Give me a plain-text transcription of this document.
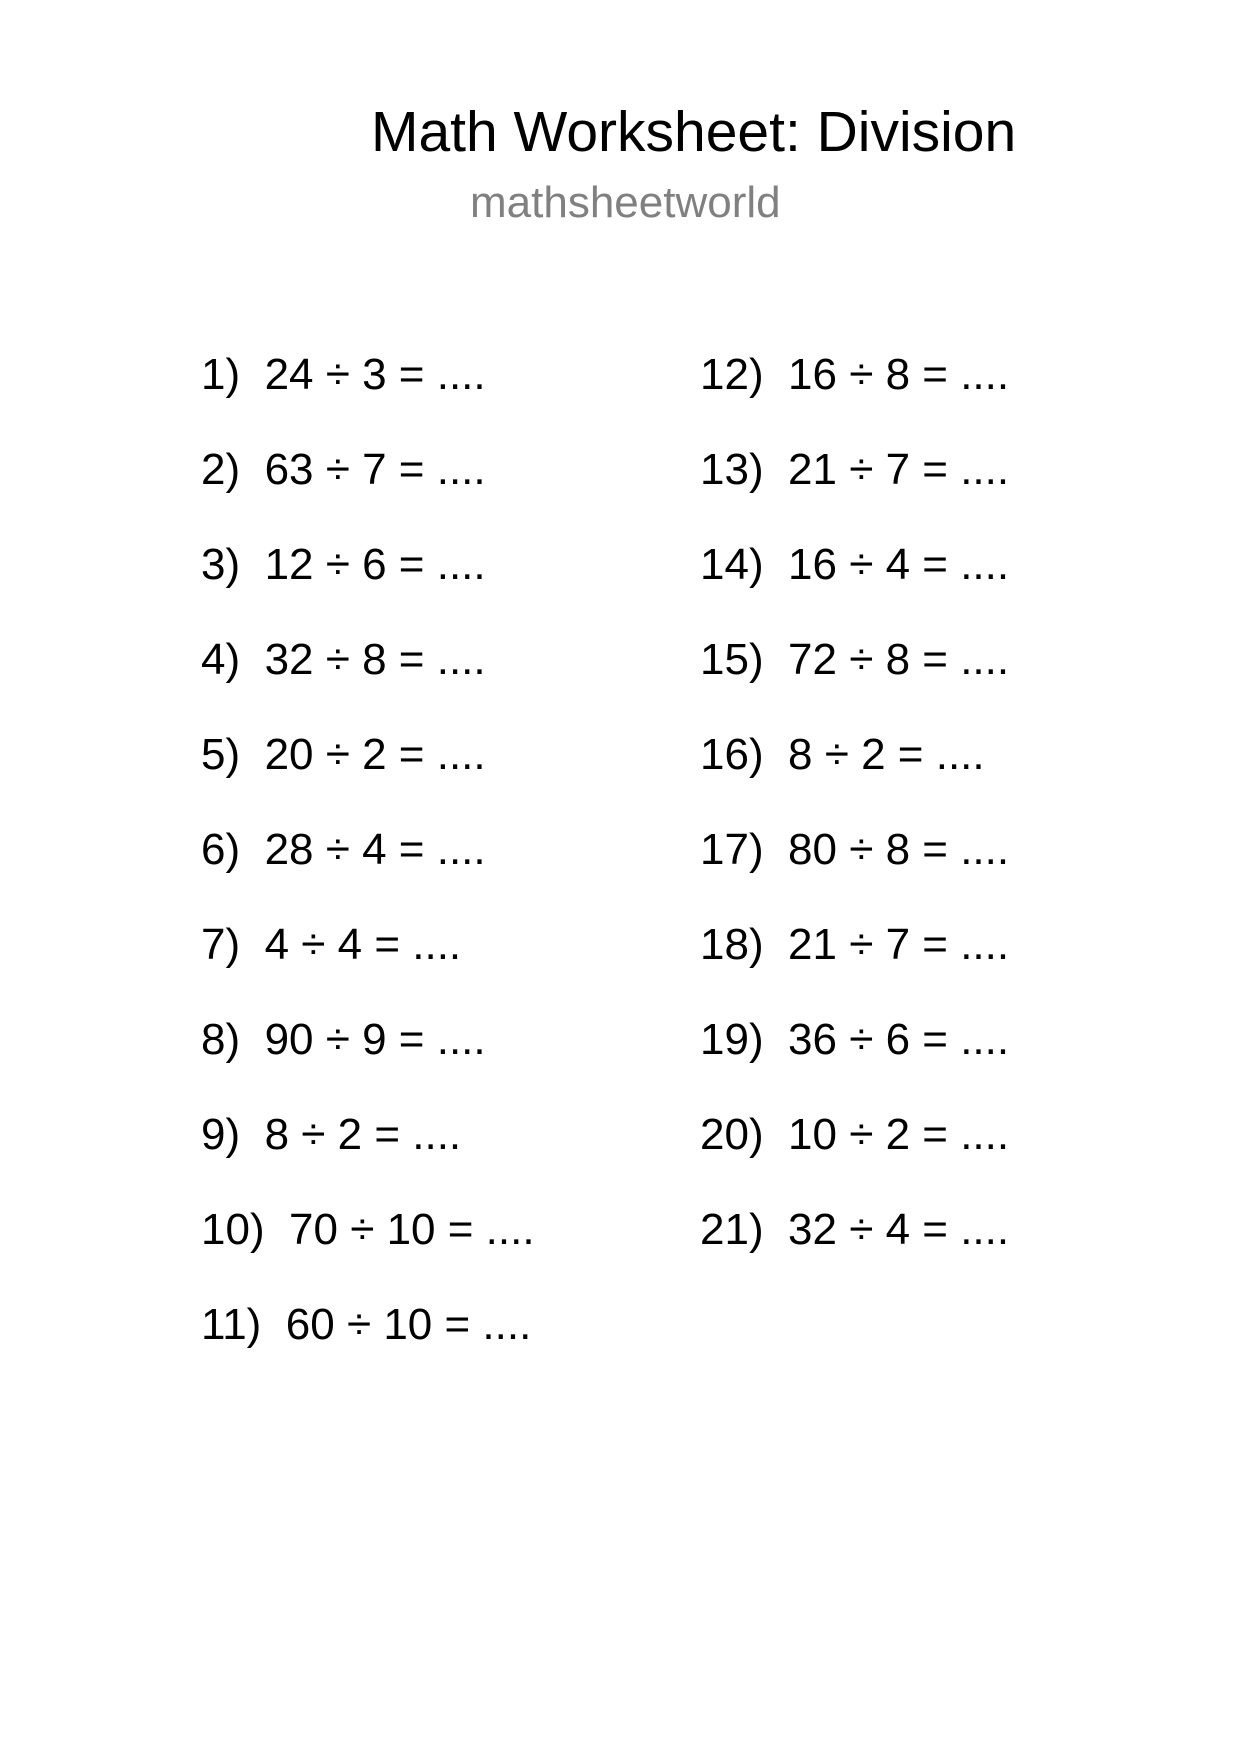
Math Worksheet: Division
mathsheetworld
1)  24 ÷ 3 = ....
2)  63 ÷ 7 = ....
3)  12 ÷ 6 = ....
4)  32 ÷ 8 = ....
5)  20 ÷ 2 = ....
6)  28 ÷ 4 = ....
7)  4 ÷ 4 = ....
8)  90 ÷ 9 = ....
9)  8 ÷ 2 = ....
10)  70 ÷ 10 = ....
11)  60 ÷ 10 = ....
12)  16 ÷ 8 = ....
13)  21 ÷ 7 = ....
14)  16 ÷ 4 = ....
15)  72 ÷ 8 = ....
16)  8 ÷ 2 = ....
17)  80 ÷ 8 = ....
18)  21 ÷ 7 = ....
19)  36 ÷ 6 = ....
20)  10 ÷ 2 = ....
21)  32 ÷ 4 = ....
